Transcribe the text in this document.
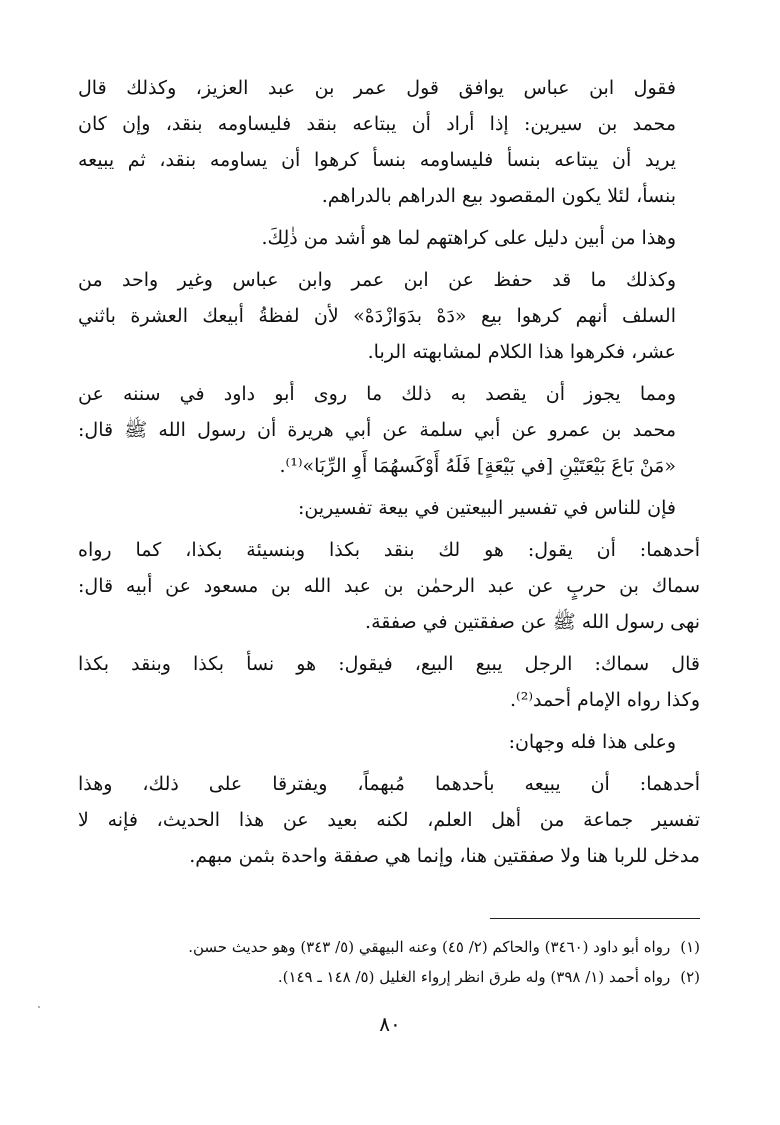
فقول ابن عباس يوافق قول عمر بن عبد العزيز، وكذلك قال
محمد بن سيرين: إذا أراد أن يبتاعه بنقد فليساومه بنقد، وإن كان
يريد أن يبتاعه بنسأ فليساومه بنسأ كرهوا أن يساومه بنقد، ثم يبيعه
بنسأ، لئلا يكون المقصود بيع الدراهم بالدراهم.

وهذا من أبين دليل على كراهتهم لما هو أشد من ذٰلِكَ.

وكذلك ما قد حفظ عن ابن عمر وابن عباس وغير واحد من
السلف أنهم كرهوا بيع «دَهْ بدَوَازْدَهْ» لأن لفظةُ أبيعك العشرة باثني
عشر، فكرهوا هذا الكلام لمشابهته الربا.

ومما يجوز أن يقصد به ذلك ما روى أبو داود في سننه عن
محمد بن عمرو عن أبي سلمة عن أبي هريرة أن رسول الله ﷺ قال:
«مَنْ بَاعَ بَيْعَتَيْنِ [في بَيْعَةٍ] فَلَهُ أَوْكَسهُمَا أَوِ الرِّبَا»⁽¹⁾.

فإن للناس في تفسير البيعتين في بيعة تفسيرين:

أحدهما: أن يقول: هو لك بنقد بكذا وبنسيئة بكذا، كما رواه
سماك بن حربٍ عن عبد الرحمٰن بن عبد الله بن مسعود عن أبيه قال:
نهى رسول الله ﷺ عن صفقتين في صفقة.

قال سماك: الرجل يبيع البيع، فيقول: هو نسأ بكذا وبنقد بكذا
وكذا رواه الإمام أحمد⁽²⁾.

وعلى هذا فله وجهان:

أحدهما: أن يبيعه بأحدهما مُبهماً، ويفترقا على ذلك، وهذا
تفسير جماعة من أهل العلم، لكنه بعيد عن هذا الحديث، فإنه لا
مدخل للربا هنا ولا صفقتين هنا، وإنما هي صفقة واحدة بثمن مبهم.

(١)رواه أبو داود (٣٤٦٠) والحاكم (٢/ ٤٥) وعنه البيهقي (٥/ ٣٤٣) وهو حديث حسن.
(٢)رواه أحمد (١/ ٣٩٨) وله طرق انظر إرواء الغليل (٥/ ١٤٨ ـ ١٤٩).
٨٠
